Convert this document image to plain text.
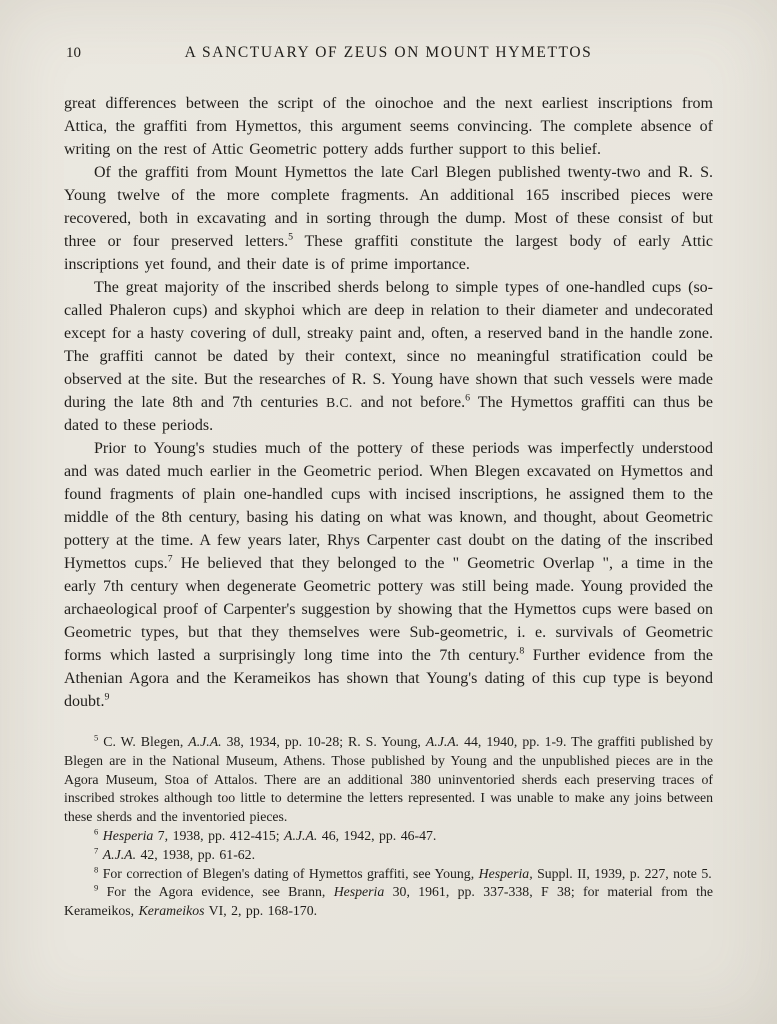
10	A SANCTUARY OF ZEUS ON MOUNT HYMETTOS

great differences between the script of the oinochoe and the next earliest inscriptions from Attica, the graffiti from Hymettos, this argument seems convincing. The complete absence of writing on the rest of Attic Geometric pottery adds further support to this belief.

Of the graffiti from Mount Hymettos the late Carl Blegen published twenty-two and R. S. Young twelve of the more complete fragments. An additional 165 inscribed pieces were recovered, both in excavating and in sorting through the dump. Most of these consist of but three or four preserved letters.$^5$ These graffiti constitute the largest body of early Attic inscriptions yet found, and their date is of prime importance.

The great majority of the inscribed sherds belong to simple types of one-handled cups (so-called Phaleron cups) and skyphoi which are deep in relation to their diameter and undecorated except for a hasty covering of dull, streaky paint and, often, a reserved band in the handle zone. The graffiti cannot be dated by their context, since no meaningful stratification could be observed at the site. But the researches of R. S. Young have shown that such vessels were made during the late 8th and 7th centuries B.C. and not before.$^6$ The Hymettos graffiti can thus be dated to these periods.

Prior to Young's studies much of the pottery of these periods was imperfectly understood and was dated much earlier in the Geometric period. When Blegen excavated on Hymettos and found fragments of plain one-handled cups with incised inscriptions, he assigned them to the middle of the 8th century, basing his dating on what was known, and thought, about Geometric pottery at the time. A few years later, Rhys Carpenter cast doubt on the dating of the inscribed Hymettos cups.$^7$ He believed that they belonged to the " Geometric Overlap ", a time in the early 7th century when degenerate Geometric pottery was still being made. Young provided the archaeological proof of Carpenter's suggestion by showing that the Hymettos cups were based on Geometric types, but that they themselves were Sub-geometric, i. e. survivals of Geometric forms which lasted a surprisingly long time into the 7th century.$^8$ Further evidence from the Athenian Agora and the Kerameikos has shown that Young's dating of this cup type is beyond doubt.$^9$

$^5$ C. W. Blegen, A.J.A. 38, 1934, pp. 10-28; R. S. Young, A.J.A. 44, 1940, pp. 1-9. The graffiti published by Blegen are in the National Museum, Athens. Those published by Young and the unpublished pieces are in the Agora Museum, Stoa of Attalos. There are an additional 380 uninventoried sherds each preserving traces of inscribed strokes although too little to determine the letters represented. I was unable to make any joins between these sherds and the inventoried pieces.

$^6$ Hesperia 7, 1938, pp. 412-415; A.J.A. 46, 1942, pp. 46-47.

$^7$ A.J.A. 42, 1938, pp. 61-62.

$^8$ For correction of Blegen's dating of Hymettos graffiti, see Young, Hesperia, Suppl. II, 1939, p. 227, note 5.

$^9$ For the Agora evidence, see Brann, Hesperia 30, 1961, pp. 337-338, F 38; for material from the Kerameikos, Kerameikos VI, 2, pp. 168-170.
